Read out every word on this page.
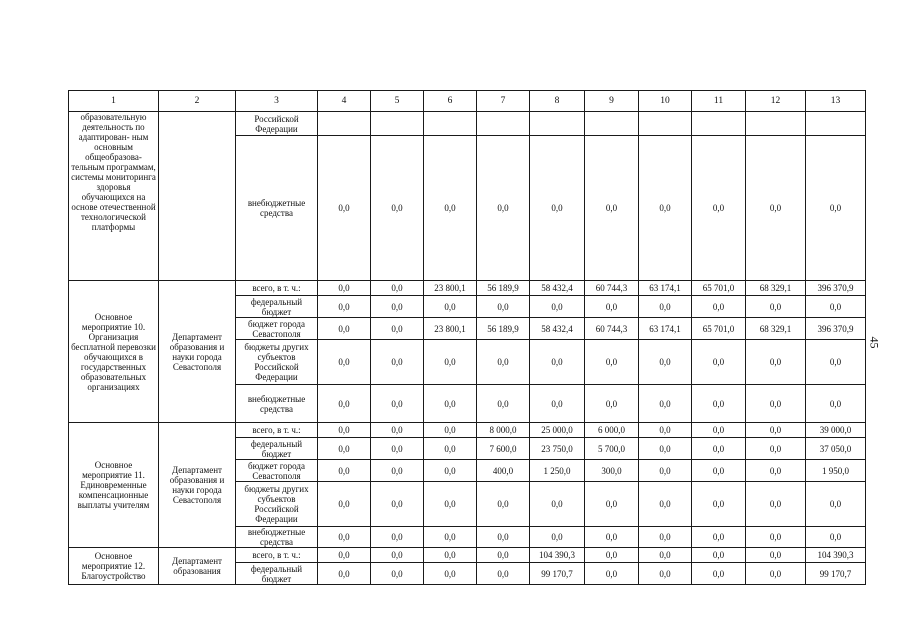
1	2	3	4	5	6	7	8	9	10	11	12	13
образовательную деятельность по адаптирован- ным основным общеобразова- тельным программам, системы мониторинга здоровья обучающихся на основе отечественной технологической платформы		Российской Федерации										
		внебюджетные средства	0,0	0,0	0,0	0,0	0,0	0,0	0,0	0,0	0,0	0,0
Основное мероприятие 10. Организация бесплатной перевозки обучающихся в государственных образовательных организациях	Департамент образования и науки города Севастополя	всего, в т. ч.:	0,0	0,0	23 800,1	56 189,9	58 432,4	60 744,3	63 174,1	65 701,0	68 329,1	396 370,9
		федеральный бюджет	0,0	0,0	0,0	0,0	0,0	0,0	0,0	0,0	0,0	0,0
		бюджет города Севастополя	0,0	0,0	23 800,1	56 189,9	58 432,4	60 744,3	63 174,1	65 701,0	68 329,1	396 370,9
		бюджеты других субъектов Российской Федерации	0,0	0,0	0,0	0,0	0,0	0,0	0,0	0,0	0,0	0,0
		внебюджетные средства	0,0	0,0	0,0	0,0	0,0	0,0	0,0	0,0	0,0	0,0
Основное мероприятие 11. Единовременные компенсационные выплаты учителям	Департамент образования и науки города Севастополя	всего, в т. ч.:	0,0	0,0	0,0	8 000,0	25 000,0	6 000,0	0,0	0,0	0,0	39 000,0
		федеральный бюджет	0,0	0,0	0,0	7 600,0	23 750,0	5 700,0	0,0	0,0	0,0	37 050,0
		бюджет города Севастополя	0,0	0,0	0,0	400,0	1 250,0	300,0	0,0	0,0	0,0	1 950,0
		бюджеты других субъектов Российской Федерации	0,0	0,0	0,0	0,0	0,0	0,0	0,0	0,0	0,0	0,0
		внебюджетные средства	0,0	0,0	0,0	0,0	0,0	0,0	0,0	0,0	0,0	0,0
Основное мероприятие 12. Благоустройство	Департамент образования	всего, в т. ч.:	0,0	0,0	0,0	0,0	104 390,3	0,0	0,0	0,0	0,0	104 390,3
		федеральный бюджет	0,0	0,0	0,0	0,0	99 170,7	0,0	0,0	0,0	0,0	99 170,7
45
